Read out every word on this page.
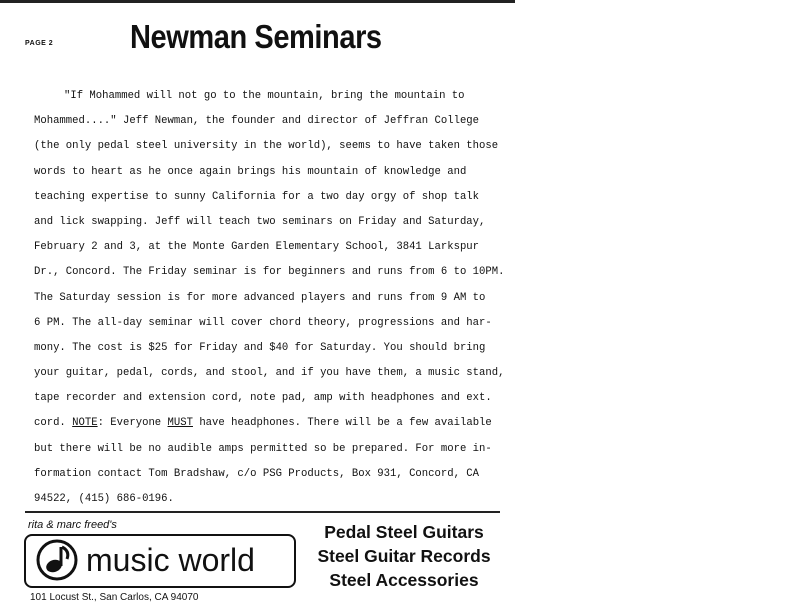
PAGE 2 Newman Seminars
"If Mohammed will not go to the mountain, bring the mountain to
Mohammed...." Jeff Newman, the founder and director of Jeffran College
(the only pedal steel university in the world), seems to have taken those
words to heart as he once again brings his mountain of knowledge and
teaching expertise to sunny California for a two day orgy of shop talk
and lick swapping. Jeff will teach two seminars on Friday and Saturday,
February 2 and 3, at the Monte Garden Elementary School, 3841 Larkspur
Dr., Concord. The Friday seminar is for beginners and runs from 6 to 10PM.
The Saturday session is for more advanced players and runs from 9 AM to
6 PM. The all-day seminar will cover chord theory, progressions and har-
mony. The cost is $25 for Friday and $40 for Saturday. You should bring
your guitar, pedal, cords, and stool, and if you have them, a music stand,
tape recorder and extension cord, note pad, amp with headphones and ext.
cord. NOTE: Everyone MUST have headphones. There will be a few available
but there will be no audible amps permitted so be prepared. For more in-
formation contact Tom Bradshaw, c/o PSG Products, Box 931, Concord, CA
94522, (415) 686-0196.
rita & marc freed's
music world
101 Locust St., San Carlos, CA 94070
Pedal Steel Guitars
Steel Guitar Records
Steel Accessories
